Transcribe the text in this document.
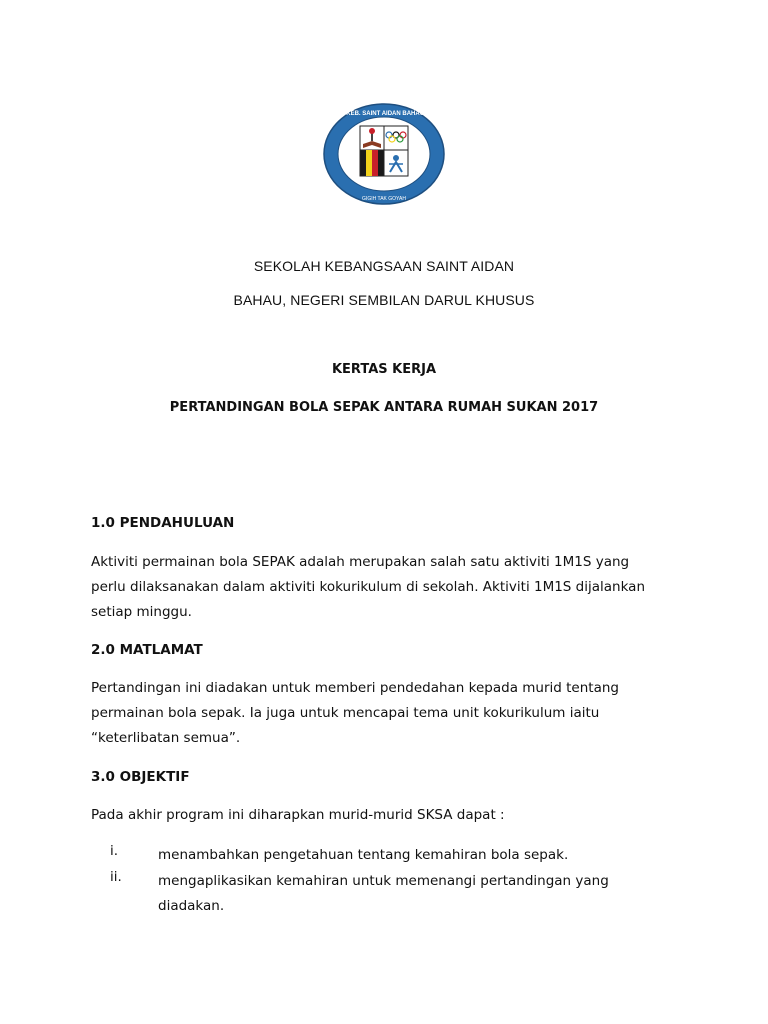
SEK. KEB. SAINT AIDAN BAHAU N.S.
GIGIH TAK GOYAH
SEKOLAH KEBANGSAAN SAINT AIDAN
BAHAU, NEGERI SEMBILAN DARUL KHUSUS
KERTAS KERJA
PERTANDINGAN BOLA SEPAK ANTARA RUMAH SUKAN 2017
1.0 PENDAHULUAN
Aktiviti permainan bola SEPAK adalah merupakan salah satu aktiviti 1M1S yang
perlu dilaksanakan dalam aktiviti kokurikulum di sekolah. Aktiviti 1M1S dijalankan
setiap minggu.
2.0 MATLAMAT
Pertandingan ini diadakan untuk memberi pendedahan kepada murid tentang
permainan bola sepak. Ia juga untuk mencapai tema unit kokurikulum iaitu
“keterlibatan semua”.
3.0 OBJEKTIF
Pada akhir program ini diharapkan murid-murid SKSA dapat :
i.	menambahkan pengetahuan tentang kemahiran bola sepak.
ii.	mengaplikasikan kemahiran untuk memenangi pertandingan yang
diadakan.
